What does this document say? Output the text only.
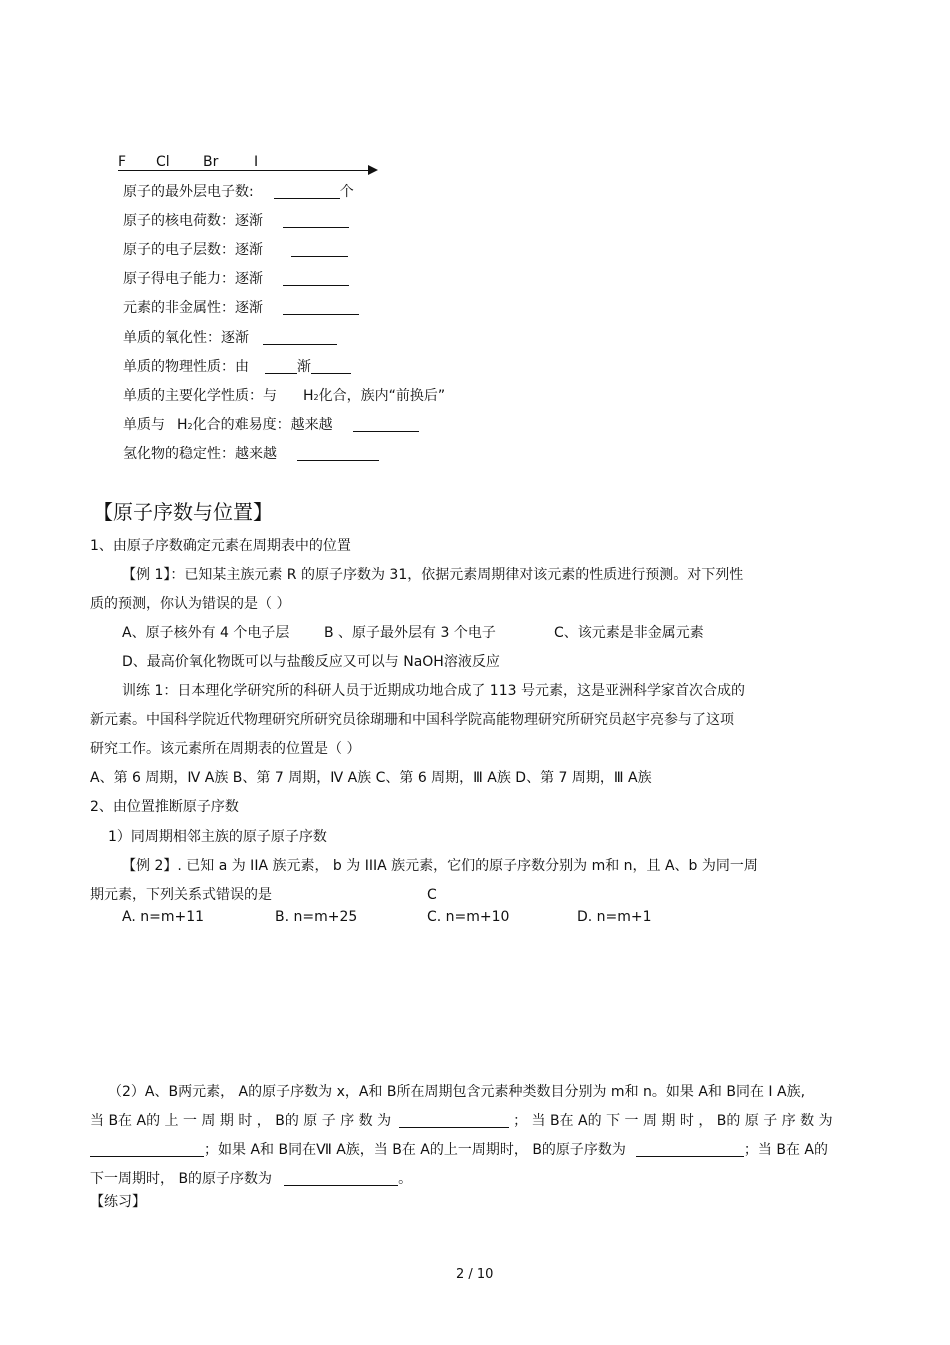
F Cl Br	I
原子的最外层电子数:	个
原子的核电荷数：逐渐
原子的电子层数：逐渐
原子得电子能力：逐渐
元素的非金属性：逐渐
单质的氧化性：逐渐
单质的物理性质：由	渐
单质的主要化学性质：与 H2化合，族内“前换后”
单质与 H2化合的难易度：越来越
氢化物的稳定性：越来越
【原子序数与位置】
1、由原子序数确定元素在周期表中的位置
【例 1】：已知某主族元素 R 的原子序数为 31，依据元素周期律对该元素的性质进行预测。对下列性
质的预测，你认为错误的是（ ）
A、原子核外有 4 个电子层 B 、原子最外层有 3 个电子	C、该元素是非金属元素
D、最高价氧化物既可以与盐酸反应又可以与 NaOH溶液反应
训练 1：日本理化学研究所的科研人员于近期成功地合成了 113 号元素，这是亚洲科学家首次合成的
新元素。中国科学院近代物理研究所研究员徐瑚珊和中国科学院高能物理研究所研究员赵宇亮参与了这项
研究工作。该元素所在周期表的位置是（ ）
A、第 6 周期，Ⅳ A族 B、第 7 周期，Ⅳ A族 C、第 6 周期，Ⅲ A族 D、第 7 周期，Ⅲ A族
2、由位置推断原子序数
1）同周期相邻主族的原子原子序数
【例 2】. 已知 a 为 IIA 族元素， b 为 IIIA 族元素，它们的原子序数分别为 m和 n，且 A、b 为同一周
期元素，下列关系式错误的是	C
A. n=m+11	B. n=m+25	C. n=m+10	D. n=m+1
（2）A、B两元素， A的原子序数为 x，A和 B所在周期包含元素种类数目分别为 m和 n。如果 A和 B同在 Ⅰ A族,
当 B在 A的 上 一 周 期 时 ， B的 原 子 序 数 为	； 当 B在 A的 下 一 周 期 时 ， B的 原 子 序 数 为
；如果 A和 B同在Ⅶ A族，当 B在 A的上一周期时， B的原子序数为	；当 B在 A的
下一周期时， B的原子序数为	。
【练习】
2 / 10
